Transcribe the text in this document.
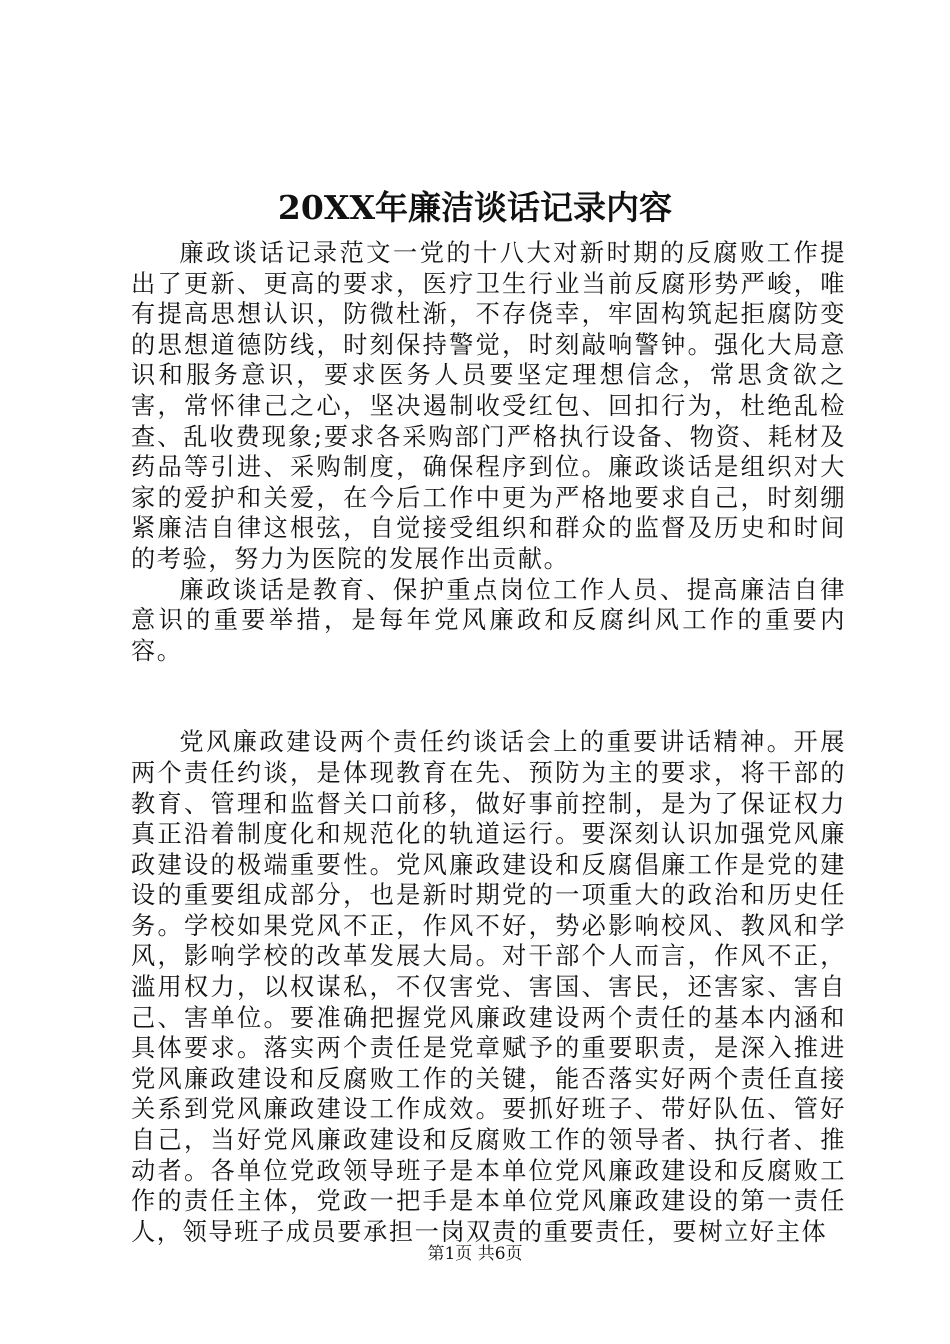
20XX年廉洁谈话记录内容

廉政谈话记录范文一党的十八大对新时期的反腐败工作提出了更新、更高的要求，医疗卫生行业当前反腐形势严峻，唯有提高思想认识，防微杜渐，不存侥幸，牢固构筑起拒腐防变的思想道德防线，时刻保持警觉，时刻敲响警钟。强化大局意识和服务意识，要求医务人员要坚定理想信念，常思贪欲之害，常怀律己之心，坚决遏制收受红包、回扣行为，杜绝乱检查、乱收费现象;要求各采购部门严格执行设备、物资、耗材及药品等引进、采购制度，确保程序到位。廉政谈话是组织对大家的爱护和关爱，在今后工作中更为严格地要求自己，时刻绷紧廉洁自律这根弦，自觉接受组织和群众的监督及历史和时间的考验，努力为医院的发展作出贡献。

廉政谈话是教育、保护重点岗位工作人员、提高廉洁自律意识的重要举措，是每年党风廉政和反腐纠风工作的重要内容。

党风廉政建设两个责任约谈话会上的重要讲话精神。开展两个责任约谈，是体现教育在先、预防为主的要求，将干部的教育、管理和监督关口前移，做好事前控制，是为了保证权力真正沿着制度化和规范化的轨道运行。要深刻认识加强党风廉政建设的极端重要性。党风廉政建设和反腐倡廉工作是党的建设的重要组成部分，也是新时期党的一项重大的政治和历史任务。学校如果党风不正，作风不好，势必影响校风、教风和学风，影响学校的改革发展大局。对干部个人而言，作风不正，滥用权力，以权谋私，不仅害党、害国、害民，还害家、害自己、害单位。要准确把握党风廉政建设两个责任的基本内涵和具体要求。落实两个责任是党章赋予的重要职责，是深入推进党风廉政建设和反腐败工作的关键，能否落实好两个责任直接关系到党风廉政建设工作成效。要抓好班子、带好队伍、管好自己，当好党风廉政建设和反腐败工作的领导者、执行者、推动者。各单位党政领导班子是本单位党风廉政建设和反腐败工作的责任主体，党政一把手是本单位党风廉政建设的第一责任人，领导班子成员要承担一岗双责的重要责任，要树立好主体

第1页 共6页
